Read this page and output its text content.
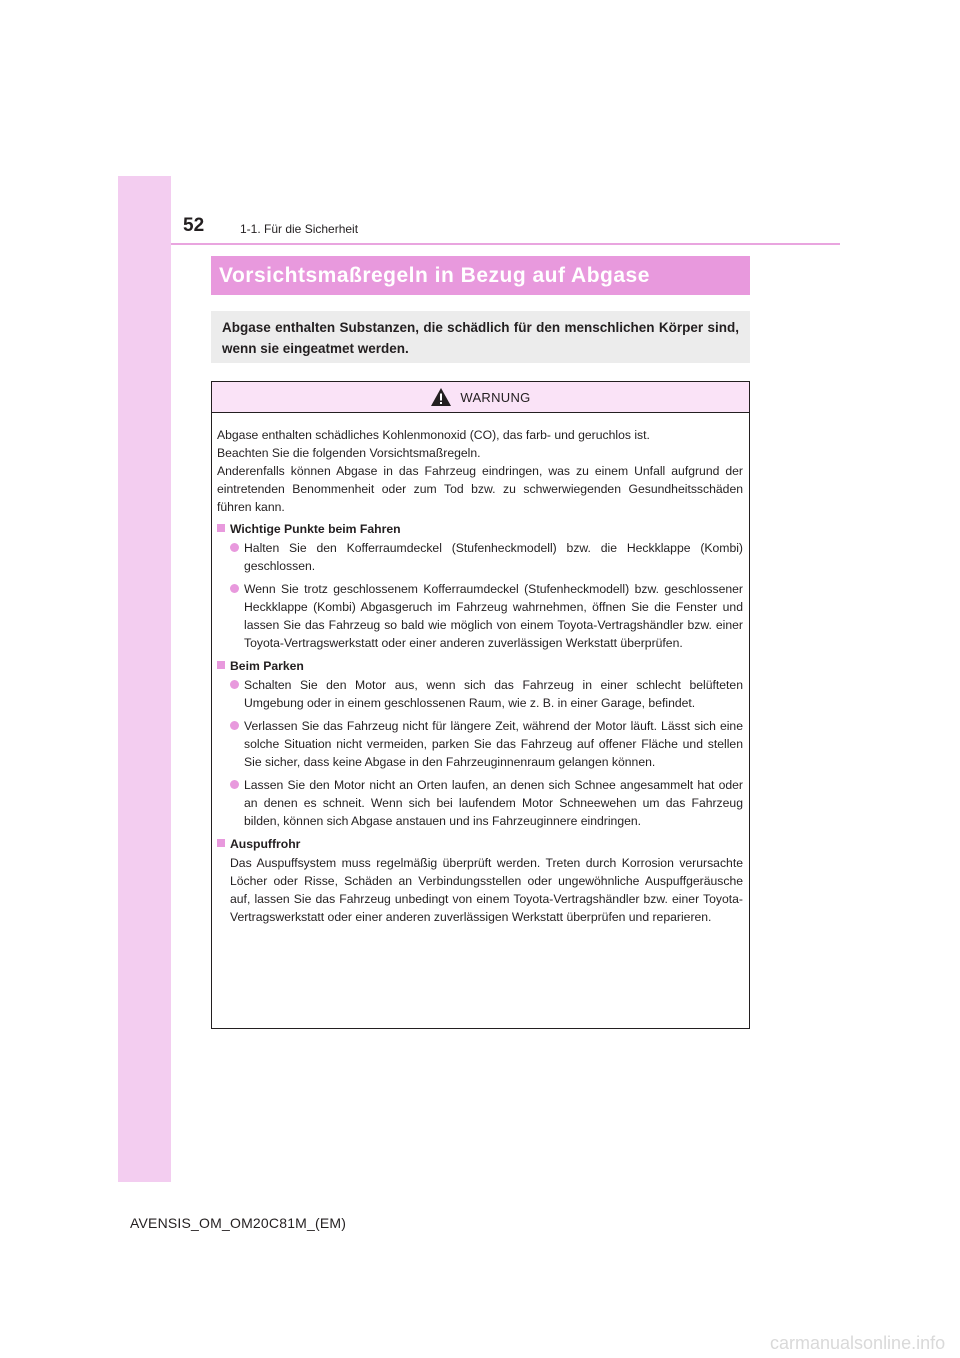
52	1-1. Für die Sicherheit
Vorsichtsmaßregeln in Bezug auf Abgase
Abgase enthalten Substanzen, die schädlich für den menschlichen Körper sind, wenn sie eingeatmet werden.
WARNUNG

Abgase enthalten schädliches Kohlenmonoxid (CO), das farb- und geruchlos ist.

Beachten Sie die folgenden Vorsichtsmaßregeln.

Anderenfalls können Abgase in das Fahrzeug eindringen, was zu einem Unfall aufgrund der eintretenden Benommenheit oder zum Tod bzw. zu schwerwiegenden Gesundheitsschäden führen kann.

Wichtige Punkte beim Fahren
Halten Sie den Kofferraumdeckel (Stufenheckmodell) bzw. die Heckklappe (Kombi) geschlossen.
Wenn Sie trotz geschlossenem Kofferraumdeckel (Stufenheckmodell) bzw. geschlossener Heckklappe (Kombi) Abgasgeruch im Fahrzeug wahrnehmen, öffnen Sie die Fenster und lassen Sie das Fahrzeug so bald wie möglich von einem Toyota-Vertragshändler bzw. einer Toyota-Vertragswerkstatt oder einer anderen zuverlässigen Werkstatt überprüfen.
Beim Parken
Schalten Sie den Motor aus, wenn sich das Fahrzeug in einer schlecht belüfteten Umgebung oder in einem geschlossenen Raum, wie z. B. in einer Garage, befindet.
Verlassen Sie das Fahrzeug nicht für längere Zeit, während der Motor läuft. Lässt sich eine solche Situation nicht vermeiden, parken Sie das Fahrzeug auf offener Fläche und stellen Sie sicher, dass keine Abgase in den Fahrzeuginnenraum gelangen können.
Lassen Sie den Motor nicht an Orten laufen, an denen sich Schnee angesammelt hat oder an denen es schneit. Wenn sich bei laufendem Motor Schneewehen um das Fahrzeug bilden, können sich Abgase anstauen und ins Fahrzeuginnere eindringen.
Auspuffrohr
Das Auspuffsystem muss regelmäßig überprüft werden. Treten durch Korrosion verursachte Löcher oder Risse, Schäden an Verbindungsstellen oder ungewöhnliche Auspuffgeräusche auf, lassen Sie das Fahrzeug unbedingt von einem Toyota-Vertragshändler bzw. einer Toyota-Vertragswerkstatt oder einer anderen zuverlässigen Werkstatt überprüfen und reparieren.
AVENSIS_OM_OM20C81M_(EM)
carmanualsonline.info
